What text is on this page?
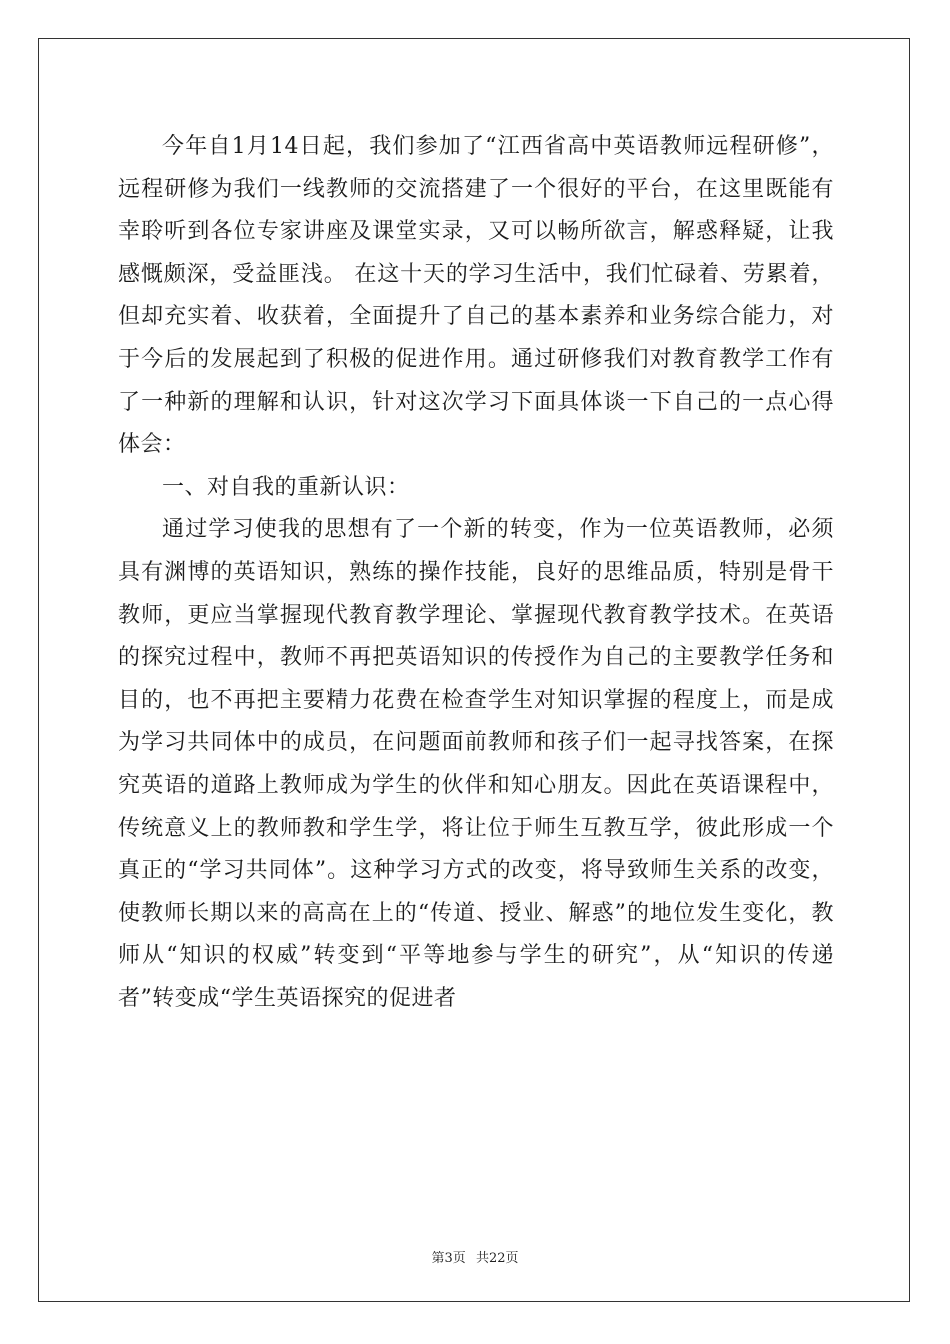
今年自1月14日起，我们参加了“江西省高中英语教师远程研修”， 远程研修为我们一线教师的交流搭建了一个很好的平台，在这里既能有幸聆听到各位专家讲座及课堂实录，又可以畅所欲言，解惑释疑，让我感慨颇深，受益匪浅。 在这十天的学习生活中，我们忙碌着、劳累着，但却充实着、收获着，全面提升了自己的基本素养和业务综合能力，对于今后的发展起到了积极的促进作用。通过研修我们对教育教学工作有了一种新的理解和认识，针对这次学习下面具体谈一下自己的一点心得体会：

一、对自我的重新认识：

通过学习使我的思想有了一个新的转变，作为一位英语教师，必须具有渊博的英语知识，熟练的操作技能，良好的思维品质，特别是骨干教师，更应当掌握现代教育教学理论、掌握现代教育教学技术。在英语的探究过程中，教师不再把英语知识的传授作为自己的主要教学任务和目的，也不再把主要精力花费在检查学生对知识掌握的程度上，而是成为学习共同体中的成员，在问题面前教师和孩子们一起寻找答案，在探究英语的道路上教师成为学生的伙伴和知心朋友。因此在英语课程中，传统意义上的教师教和学生学，将让位于师生互教互学，彼此形成一个真正的“学习共同体”。这种学习方式的改变，将导致师生关系的改变，使教师长期以来的高高在上的“传道、授业、解惑”的地位发生变化，教师从“知识的权威”转变到“平等地参与学生的研究”，从“知识的传递者”转变成“学生英语探究的促进者

第3页 共22页
